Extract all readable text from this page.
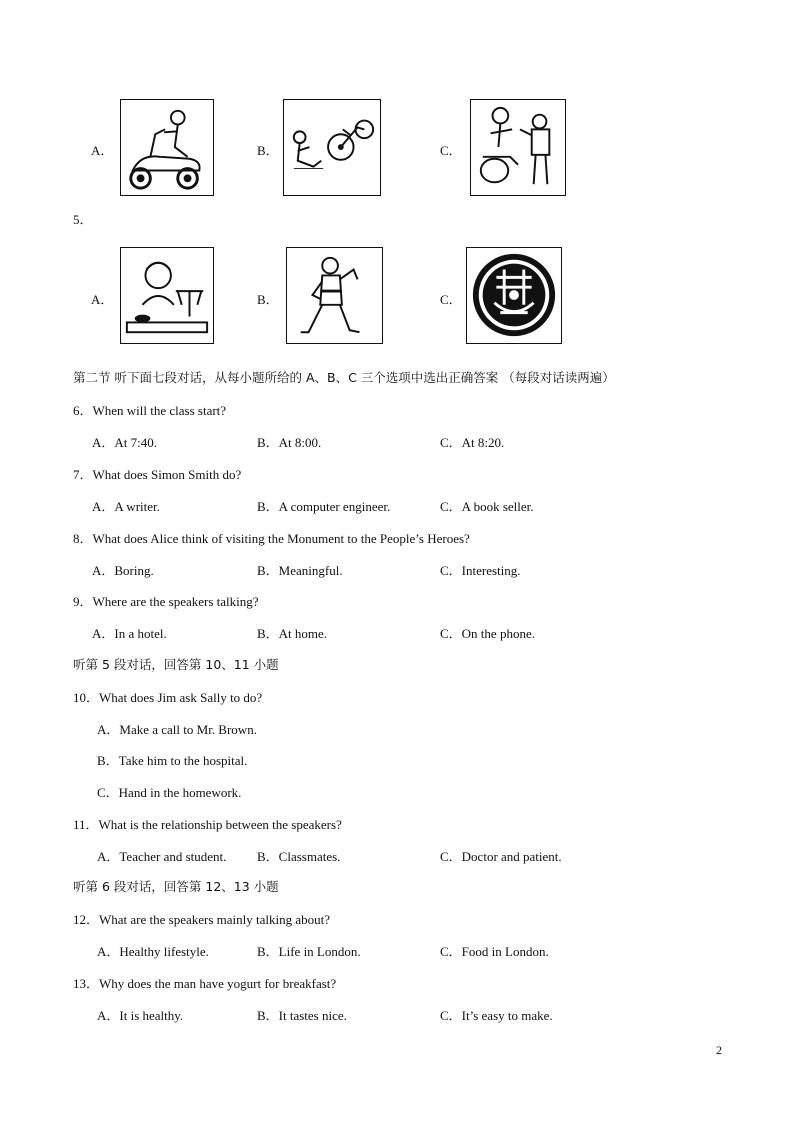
A．	B．	C．
5．
A．	B．	C．
第二节 听下面七段对话，从每小题所给的 A、B、C 三个选项中选出正确答案 （每段对话读两遍）
6．When will the class start?
A．At 7:40.	B．At 8:00.	C．At 8:20.
7．What does Simon Smith do?
A．A writer.	B．A computer engineer.	C．A book seller.
8．What does Alice think of visiting the Monument to the People’s Heroes?
A．Boring.	B．Meaningful.	C．Interesting.
9．Where are the speakers talking?
A．In a hotel.	B．At home.	C．On the phone.
听第 5 段对话，回答第 10、11 小题
10．What does Jim ask Sally to do?
A．Make a call to Mr. Brown.
B．Take him to the hospital.
C．Hand in the homework.
11．What is the relationship between the speakers?
A．Teacher and student. B．Classmates.	C．Doctor and patient.
听第 6 段对话，回答第 12、13 小题
12．What are the speakers mainly talking about?
A．Healthy lifestyle.	B．Life in London.	C．Food in London.
13．Why does the man have yogurt for breakfast?
A．It is healthy.	B．It tastes nice.	C．It’s easy to make.
2
